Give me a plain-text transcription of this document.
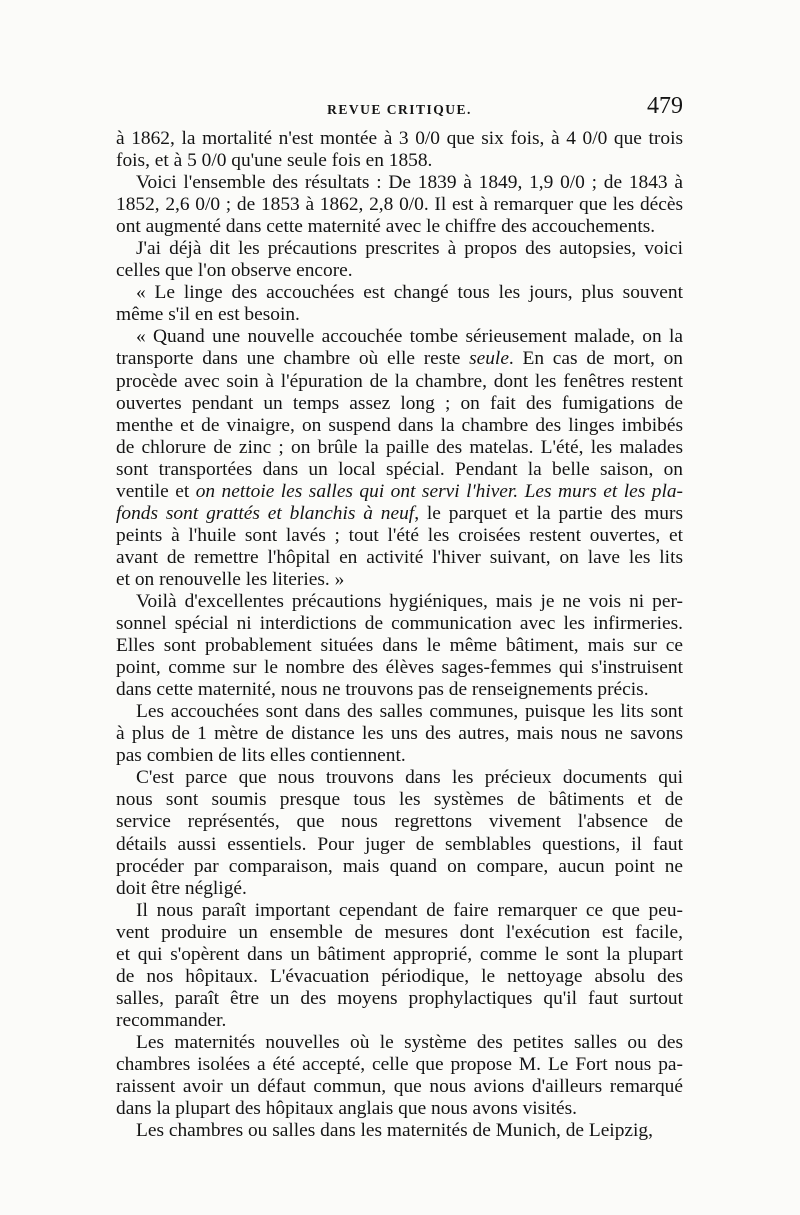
REVUE CRITIQUE.	479
à 1862, la mortalité n'est montée à 3 0/0 que six fois, à 4 0/0 que trois
fois, et à 5 0/0 qu'une seule fois en 1858.
Voici l'ensemble des résultats : De 1839 à 1849, 1,9 0/0 ; de 1843 à
1852, 2,6 0/0 ; de 1853 à 1862, 2,8 0/0. Il est à remarquer que les décès
ont augmenté dans cette maternité avec le chiffre des accouchements.
J'ai déjà dit les précautions prescrites à propos des autopsies, voici
celles que l'on observe encore.
« Le linge des accouchées est changé tous les jours, plus souvent
même s'il en est besoin.
« Quand une nouvelle accouchée tombe sérieusement malade, on la
transporte dans une chambre où elle reste seule. En cas de mort, on
procède avec soin à l'épuration de la chambre, dont les fenêtres restent
ouvertes pendant un temps assez long ; on fait des fumigations de
menthe et de vinaigre, on suspend dans la chambre des linges imbibés
de chlorure de zinc ; on brûle la paille des matelas. L'été, les malades
sont transportées dans un local spécial. Pendant la belle saison, on
ventile et on nettoie les salles qui ont servi l'hiver. Les murs et les pla-
fonds sont grattés et blanchis à neuf, le parquet et la partie des murs
peints à l'huile sont lavés ; tout l'été les croisées restent ouvertes, et
avant de remettre l'hôpital en activité l'hiver suivant, on lave les lits
et on renouvelle les literies. »
Voilà d'excellentes précautions hygiéniques, mais je ne vois ni per-
sonnel spécial ni interdictions de communication avec les infirmeries.
Elles sont probablement situées dans le même bâtiment, mais sur ce
point, comme sur le nombre des élèves sages-femmes qui s'instruisent
dans cette maternité, nous ne trouvons pas de renseignements précis.
Les accouchées sont dans des salles communes, puisque les lits sont
à plus de 1 mètre de distance les uns des autres, mais nous ne savons
pas combien de lits elles contiennent.
C'est parce que nous trouvons dans les précieux documents qui
nous sont soumis presque tous les systèmes de bâtiments et de
service représentés, que nous regrettons vivement l'absence de
détails aussi essentiels. Pour juger de semblables questions, il faut
procéder par comparaison, mais quand on compare, aucun point ne
doit être négligé.
Il nous paraît important cependant de faire remarquer ce que peu-
vent produire un ensemble de mesures dont l'exécution est facile,
et qui s'opèrent dans un bâtiment approprié, comme le sont la plupart
de nos hôpitaux. L'évacuation périodique, le nettoyage absolu des
salles, paraît être un des moyens prophylactiques qu'il faut surtout
recommander.
Les maternités nouvelles où le système des petites salles ou des
chambres isolées a été accepté, celle que propose M. Le Fort nous pa-
raissent avoir un défaut commun, que nous avions d'ailleurs remarqué
dans la plupart des hôpitaux anglais que nous avons visités.
Les chambres ou salles dans les maternités de Munich, de Leipzig,
